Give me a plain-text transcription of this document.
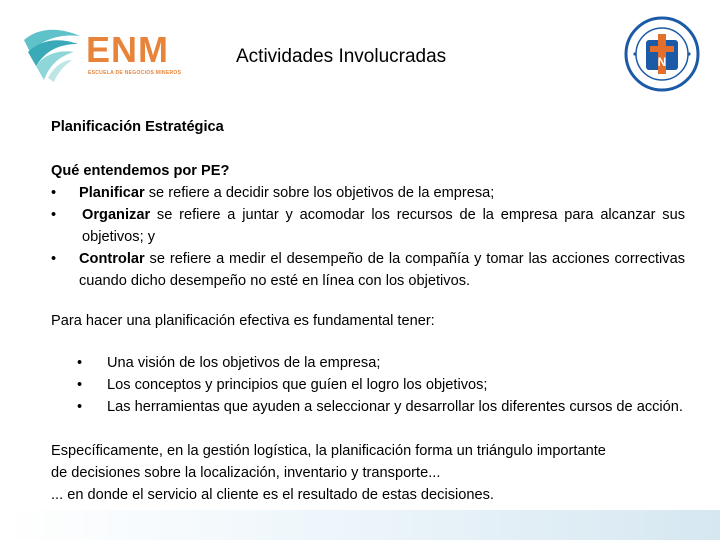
ENM
ESCUELA DE NEGOCIOS MINEROS
Actividades Involucradas	N
Planificación Estratégica
Qué entendemos por PE?
• Planificar se refiere a decidir sobre los objetivos de la empresa;
• Organizar se refiere a juntar y acomodar los recursos de la empresa para alcanzar sus objetivos; y
• Controlar se refiere a medir el desempeño de la compañía y tomar las acciones correctivas cuando dicho desempeño no esté en línea con los objetivos.
Para hacer una planificación efectiva es fundamental tener:
• Una visión de los objetivos de la empresa;
• Los conceptos y principios que guíen el logro los objetivos;
• Las herramientas que ayuden a seleccionar y desarrollar los diferentes cursos de acción.
Específicamente, en la gestión logística, la planificación forma un triángulo importante
de decisiones sobre la localización, inventario y transporte...
... en donde el servicio al cliente es el resultado de estas decisiones.
